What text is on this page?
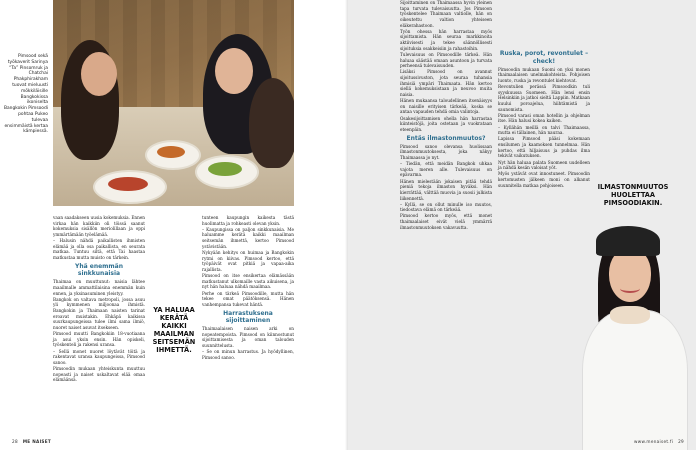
Pimsood sekä työkaverit Sarinya “Ta” Pinsomruk ja Chatchai Phakphirakham tuovat mieluusti mökkiläisille Bangkokissa ikoniselta Bangkokin Pimsoodi pohtaa Pukeo tulevaa ensimmäistä kertaa kämpiessä.

vaan saadakseen uusia kokemuksia. Ennen virkaa hän kaikkiin oli töissä saanut kokemuksia sisällön meriolillaan ja oppi ymmärtämään työelämää.

– Halusin nähdä paikallisten ihmisten elämää ja olla osa paikallista, en seurata matkaa. Tuntuu siltä, että Tai haastaa matkustaa mutta muisto on tärkein.

Yhä enemmän sinkkunaisia

Thaimaa on muuttunut: naisia lähtee maailmalle ammattilaisina enemmän kuin ennen, ja yksinasuminen yleistyy.

Bangkok on valtava metropoli, jossa asuu yli kymmenen miljoonaa ihmistä. Bangkokin ja Thaimaan naisten tarinat eroavat muistakin. Ehkäpä kaikissa suurkaupungeissa tulee ilmi sama ilmiö, nuoret naiset asuvat itsekseen.

Pimsood muutti Bangkokiin 18-vuotiaana ja asui yksin ensin. Hän opiskeli, työskenteli ja rakensi uransa.

– Sellä monet nuoret löytävät töitä ja rakentavat uransa kaupungeissa, Pimsood sanoo.

Pimsoodin mukaan yhteiskunta muuttuu nopeasti ja naiset uskaltavat elää omaa elämäänsä.

YA HALUAA KERÄTÄ KAIKKI MAAILMAN SEITSEMÄN IHMETTÄ.

tunteen kaupungin kaikesta tästä huolimatta ja rohkeasti olevan yksin.

– Kaupungissa on paljon sinkkunaisia. Me haluamme kerätä kaikki maailman seitsemän ihmettä, kertoo Pimsood ystävistään.

Nykyään kehitys on huimaa ja Bangkokin rytmi on kiivas. Pimsood kertoo, että työpäivät ovat pitkiä ja vapaa-aika rajallista.

Pimsood on itse ensikertaa elämässään matkustanut ulkomaille vasta aikuisena, ja nyt hän haluaa nähdä maailmaa.

Perhe on tärkeä Pimsoodille, mutta hän tekee omat päätöksensä. Hänen vanhempansa tukevat häntä.

Harrastuksena sijoittaminen

Thaimaalaisen naisen arki on nopeatempoista. Pimsood on kiinnostunut sijoittamisesta ja oman talouden suunnittelusta.

– Se on minun harrastus. Ja hyödyllinen, Pimsood sanoo.

28 ME NAISET

Sijoittaminen on Thaimaassa hyvin yleinen tapa turvata tulevaisuutta. Jos Pimsoon työskentelee Thaimaan valtiolle, hän on oikeutettu valtion yhteiseen eläkerahastoon.

Työn ohessa hän harrastaa myös sijoittamista. Hän seuraa markkinoita aktiivisesti ja tekee säännöllisesti sijoituksia osakkeisiin ja rahastoihin.

Tulevaisuus on Pimsoodille tärkeä. Hän haluaa säästää omaan asuntoon ja turvata perheensä tulevaisuuden.

Lisäksi Pimsood on avannut sijoitussivuston, jota seuraa tuhansia ihmisiä ympäri Thaimaata. Hän kertoo siellä kokemuksistaan ja neuvoo muita naisia.

Hänen mukaansa taloudellinen itsenäisyys on naisille erityisen tärkeää, koska se antaa vapauden tehdä omia valintoja.

Osakesijoittamisen ohella hän harrastaa kiinteistöjä, joita ostetaan ja vuokrataan eteenpäin.

Entäs ilmastonmuutos?

Pimsood sanoo olevansa huolissaan ilmastonmuutoksesta, joka näkyy Thaimaassa jo nyt.

– Tiedän, että meidän Bangkok uhkaa vajota meren alle. Tulevaisuus on epävarma.

Hänen mielestään jokaisen pitää tehdä pieniä tekoja ilmaston hyväksi. Hän kierrättää, välttää muovia ja suosii julkista liikennettä.

– Kyllä, se on ollut minulle iso muutos, tiedostava elämä on tärkeää.

Pimsood kertoo myös, että monet thaimaalaiset eivät vielä ymmärrä ilmastonmuutoksen vakavuutta.

Ruska, porot, revontulet – check!

Pimsoodin mukaan Suomi on yksi monen thaimaalaisen unelmakohteista. Pohjoisen luonto, ruska ja revontulet kiehtovat.

Revontulien perässä Pimsoodkin tuli syyskuussa Suomeen. Hän lensi ensin Helsinkiin ja jatkoi sieltä Lappiin. Matkaan kuului poroajelua, hiihtämistä ja saunomista.

Pimsood varasi oman hotellin ja ohjelman itse. Hän halusi kokea kaiken.

– Kyllähän meillä on talvi Thaimaassa, mutta ei tällainen, hän nauraa.

Lapissa Pimsood pääsi kokemaan ensilumen ja kaamoksen tunnelmaa. Hän kertoo, että hiljaisuus ja puhdas ilma tekivät vaikutuksen.

Nyt hän haluaa palata Suomeen uudelleen ja nähdä kesän valoisat yöt.

Myös ystävät ovat innostuneet. Pimsoodin kertomusten jälkeen moni on alkanut suunnitella matkaa pohjoiseen.	ILMASTONMUUTOS HUOLETTAA PIMSOODIAKIN.
www.menaiset.fi 29
